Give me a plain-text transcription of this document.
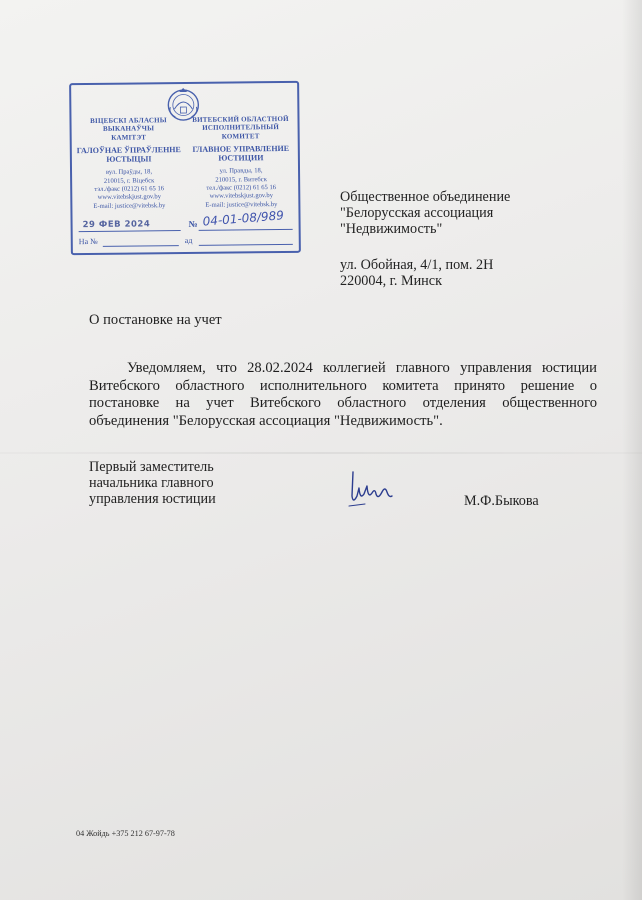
ВІЦЕБСКІ АБЛАСНЫ
ВЫКАНАЎЧЫ
КАМІТЭТ
ГАЛОЎНАЕ ЎПРАЎЛЕННЕ
ЮСТЫЦЫІ
вул. Праўды, 18,
210015, г. Віцебск
тэл./факс (0212) 61 65 16
www.vitebskjust.gov.by
E-mail: justice@vitebsk.by
ВИТЕБСКИЙ ОБЛАСТНОЙ
ИСПОЛНИТЕЛЬНЫЙ
КОМИТЕТ
ГЛАВНОЕ УПРАВЛЕНИЕ
ЮСТИЦИИ
ул. Правды, 18,
210015, г. Витебск
тел./факс (0212) 61 65 16
www.vitebskjust.gov.by
E-mail: justice@vitebsk.by
29 ФЕВ 2024	№ 04-01-08/989
На №	ад
Общественное объединение
"Белорусская ассоциация
"Недвижимость"
ул. Обойная, 4/1, пом. 2Н
220004, г. Минск
О постановке на учет
Уведомляем, что 28.02.2024 коллегией главного управления юстиции Витебского областного исполнительного комитета принято решение о постановке на учет Витебского областного отделения общественного объединения "Белорусская ассоциация "Недвижимость".
Первый заместитель
начальника главного
управления юстиции	М.Ф.Быкова
04 Жойдь +375 212 67-97-78
